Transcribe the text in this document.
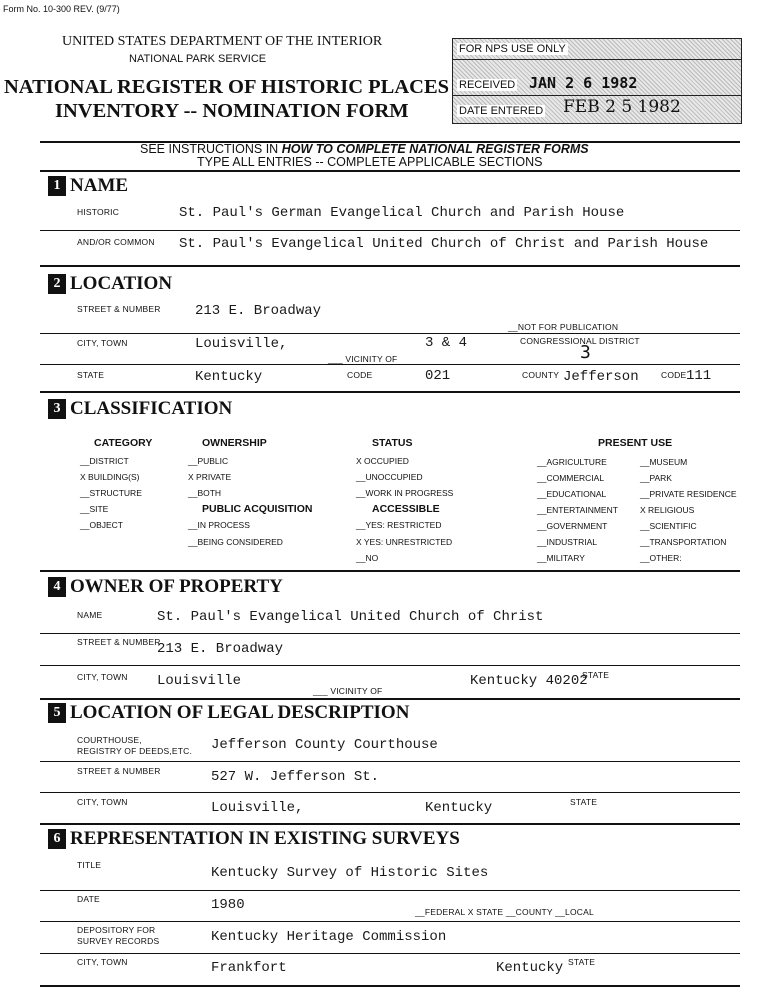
Form No. 10-300 REV. (9/77)
UNITED STATES DEPARTMENT OF THE INTERIOR
NATIONAL PARK SERVICE
NATIONAL REGISTER OF HISTORIC PLACES
INVENTORY -- NOMINATION FORM
FOR NPS USE ONLY
RECEIVED JAN 2 6 1982
DATE ENTERED FEB 2 5 1982
SEE INSTRUCTIONS IN HOW TO COMPLETE NATIONAL REGISTER FORMS
TYPE ALL ENTRIES -- COMPLETE APPLICABLE SECTIONS
1 NAME
HISTORIC	St. Paul's German Evangelical Church and Parish House
AND/OR COMMON St. Paul's Evangelical United Church of Christ and Parish House
2 LOCATION
STREET & NUMBER 213 E. Broadway
__NOT FOR PUBLICATION
CITY, TOWN	Louisville,
___ VICINITY OF
3 & 4	CONGRESSIONAL DISTRICT
3
STATE	Kentucky	CODE	021	COUNTY Jefferson	CODE 111
3 CLASSIFICATION
CATEGORY
__DISTRICT
X BUILDING(S)
__STRUCTURE
__SITE
__OBJECT
OWNERSHIP
__PUBLIC
X PRIVATE
__BOTH
PUBLIC ACQUISITION
__IN PROCESS
__BEING CONSIDERED
STATUS
X OCCUPIED
__UNOCCUPIED
__WORK IN PROGRESS
ACCESSIBLE
__YES: RESTRICTED
X YES: UNRESTRICTED
__NO
PRESENT USE
__AGRICULTURE
__COMMERCIAL
__EDUCATIONAL
__ENTERTAINMENT
__GOVERNMENT
__INDUSTRIAL
__MILITARY
__MUSEUM
__PARK
__PRIVATE RESIDENCE
X RELIGIOUS
__SCIENTIFIC
__TRANSPORTATION
__OTHER:
4 OWNER OF PROPERTY
NAME	St. Paul's Evangelical United Church of Christ
STREET & NUMBER
213 E. Broadway
CITY, TOWN Louisville
___ VICINITY OF
Kentucky 40202
STATE
5 LOCATION OF LEGAL DESCRIPTION
COURTHOUSE,
REGISTRY OF DEEDS,ETC. Jefferson County Courthouse
STREET & NUMBER	527 W. Jefferson St.
CITY, TOWN	Louisville,	Kentucky	STATE
6 REPRESENTATION IN EXISTING SURVEYS
TITLE	Kentucky Survey of Historic Sites
DATE	1980	__FEDERAL X STATE __COUNTY __LOCAL
DEPOSITORY FOR
SURVEY RECORDS	Kentucky Heritage Commission
CITY, TOWN	Frankfort	Kentucky STATE
